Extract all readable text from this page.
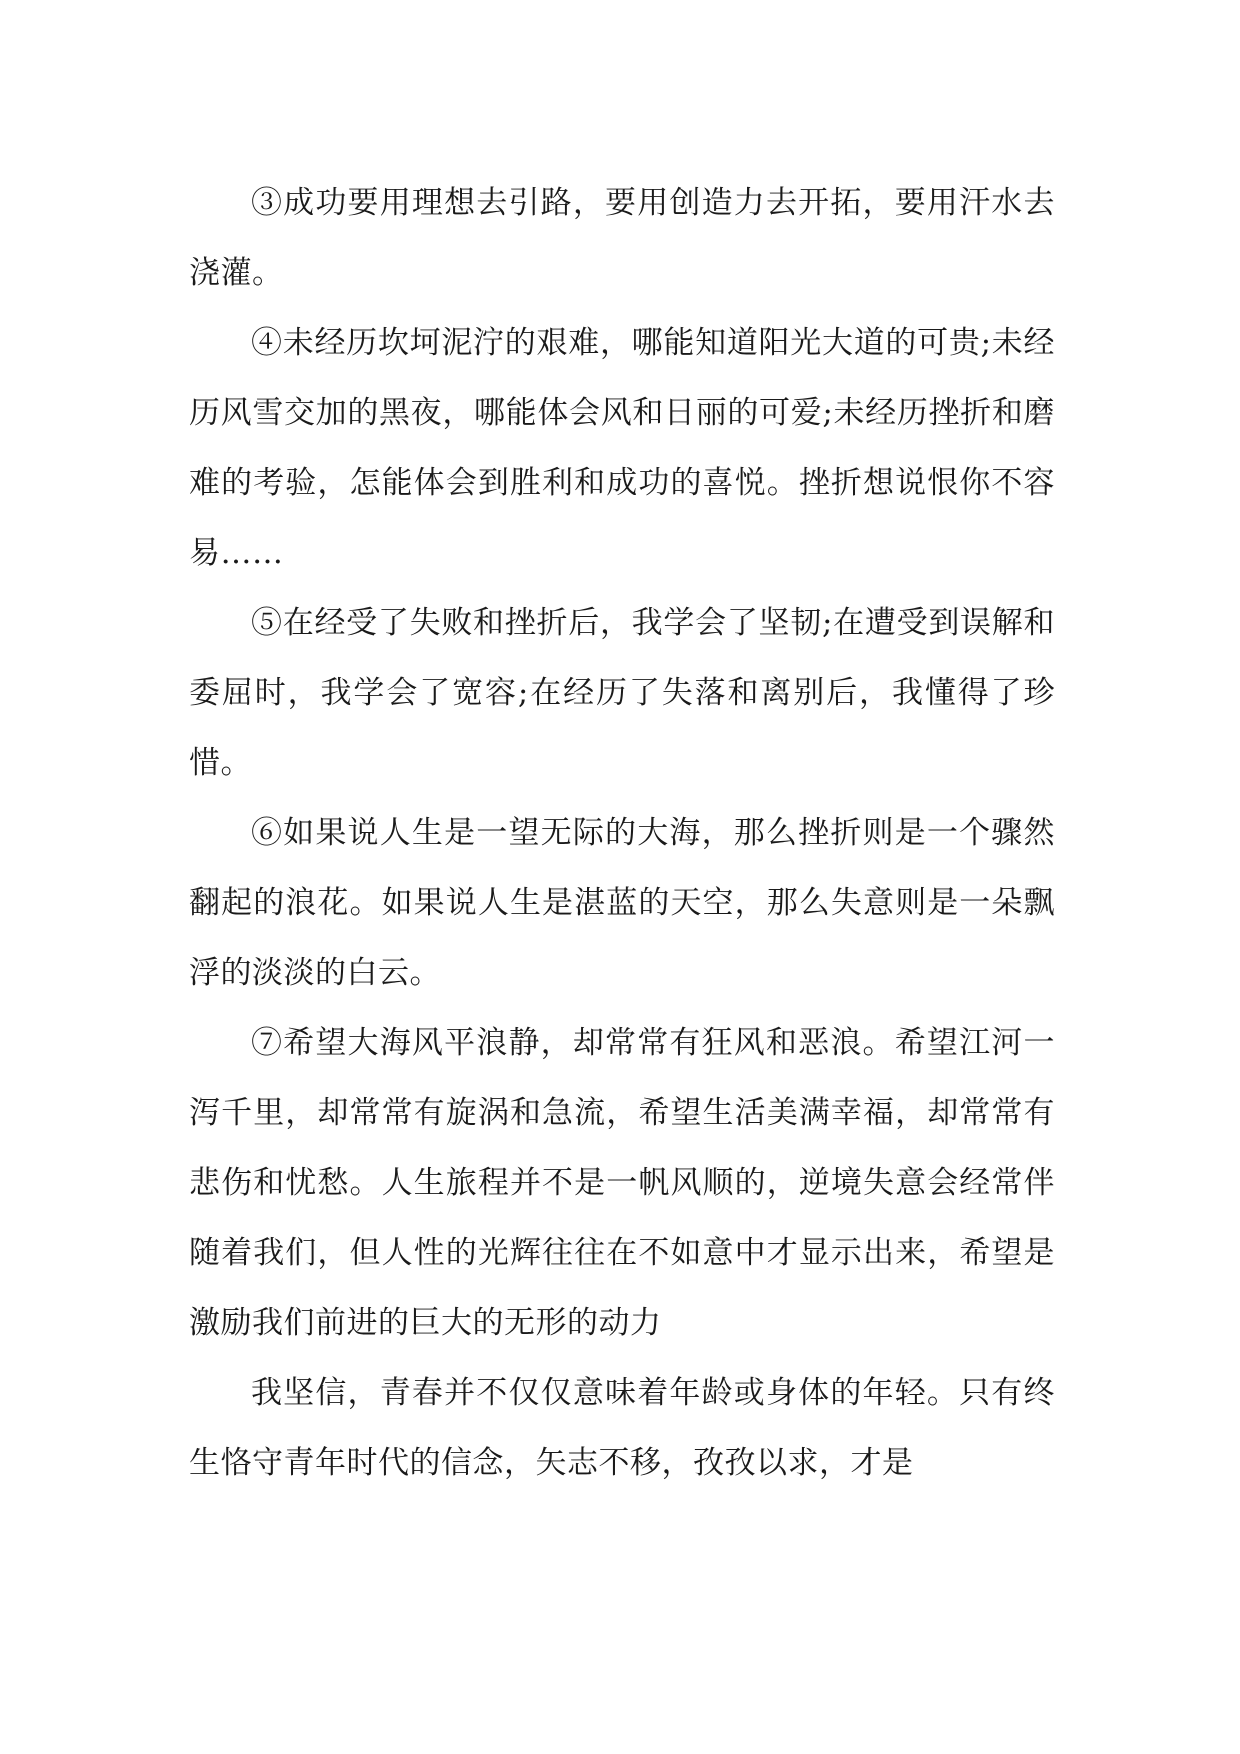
③成功要用理想去引路，要用创造力去开拓，要用汗水去浇灌。

④未经历坎坷泥泞的艰难，哪能知道阳光大道的可贵;未经历风雪交加的黑夜，哪能体会风和日丽的可爱;未经历挫折和磨难的考验，怎能体会到胜利和成功的喜悦。挫折想说恨你不容易……

⑤在经受了失败和挫折后，我学会了坚韧;在遭受到误解和委屈时，我学会了宽容;在经历了失落和离别后，我懂得了珍惜。

⑥如果说人生是一望无际的大海，那么挫折则是一个骤然翻起的浪花。如果说人生是湛蓝的天空，那么失意则是一朵飘浮的淡淡的白云。

⑦希望大海风平浪静，却常常有狂风和恶浪。希望江河一泻千里，却常常有旋涡和急流，希望生活美满幸福，却常常有悲伤和忧愁。人生旅程并不是一帆风顺的，逆境失意会经常伴随着我们，但人性的光辉往往在不如意中才显示出来，希望是激励我们前进的巨大的无形的动力

我坚信，青春并不仅仅意味着年龄或身体的年轻。只有终生恪守青年时代的信念，矢志不移，孜孜以求，才是
